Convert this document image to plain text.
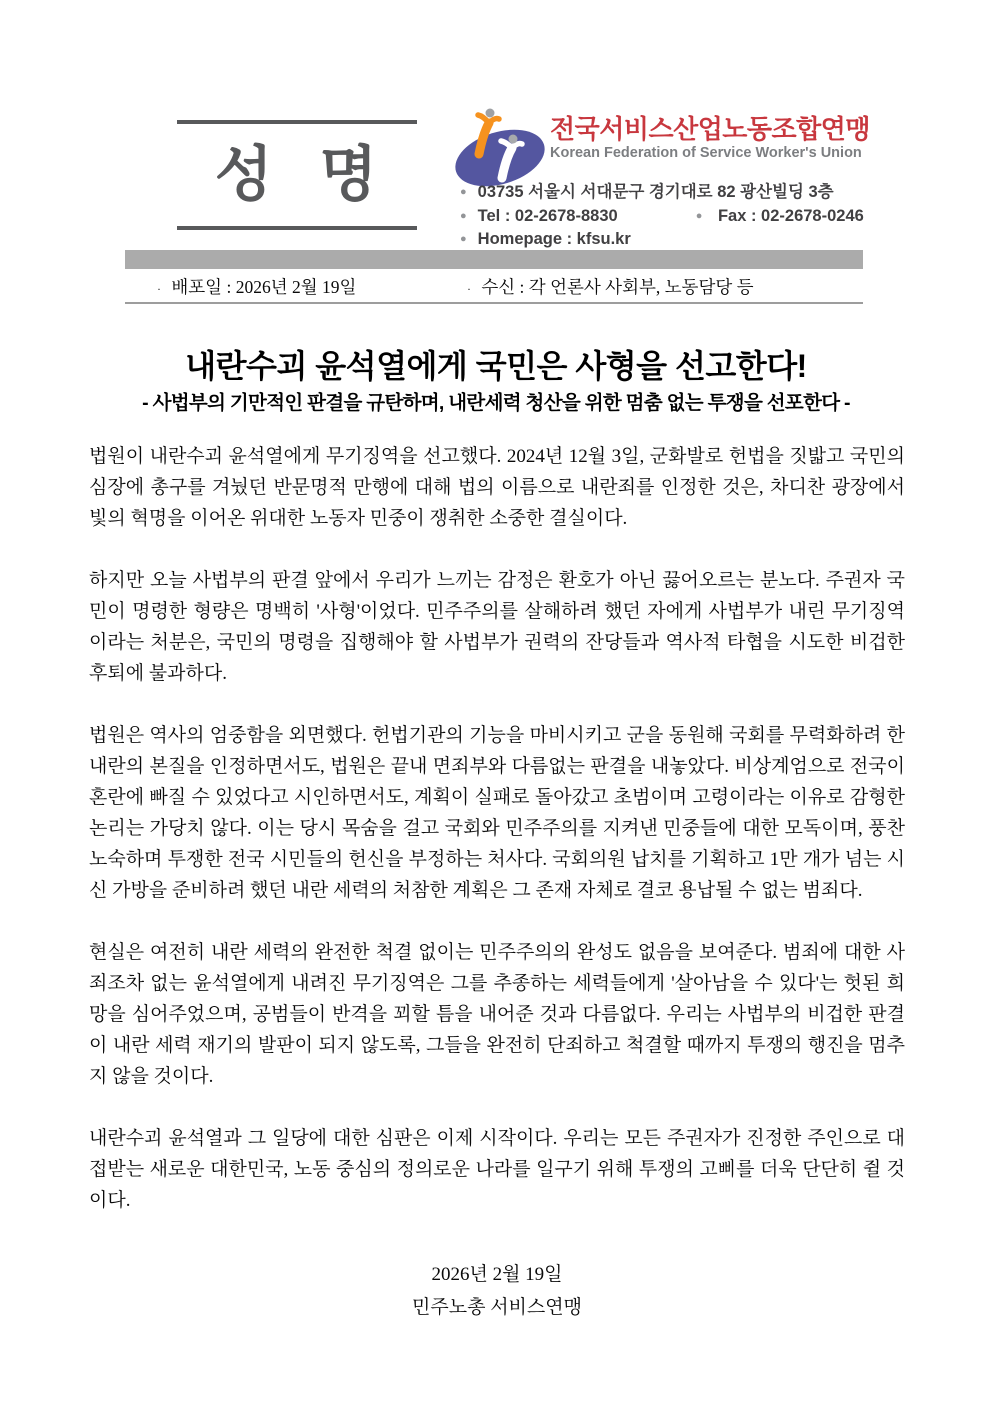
성 명
전국서비스산업노동조합연맹
Korean Federation of Service Worker's Union
● 03735 서울시 서대문구 경기대로 82 광산빌딩 3층
● Tel : 02-2678-8830	● Fax : 02-2678-0246
● Homepage : kfsu.kr
· 배포일 : 2026년 2월 19일	· 수신 : 각 언론사 사회부, 노동담당 등
내란수괴 윤석열에게 국민은 사형을 선고한다!
- 사법부의 기만적인 판결을 규탄하며, 내란세력 청산을 위한 멈춤 없는 투쟁을 선포한다 -

법원이 내란수괴 윤석열에게 무기징역을 선고했다. 2024년 12월 3일, 군화발로 헌법을 짓밟고 국민의 심장에 총구를 겨눴던 반문명적 만행에 대해 법의 이름으로 내란죄를 인정한 것은, 차디찬 광장에서 빛의 혁명을 이어온 위대한 노동자 민중이 쟁취한 소중한 결실이다.

하지만 오늘 사법부의 판결 앞에서 우리가 느끼는 감정은 환호가 아닌 끓어오르는 분노다. 주권자 국민이 명령한 형량은 명백히 '사형'이었다. 민주주의를 살해하려 했던 자에게 사법부가 내린 무기징역이라는 처분은, 국민의 명령을 집행해야 할 사법부가 권력의 잔당들과 역사적 타협을 시도한 비겁한 후퇴에 불과하다.

법원은 역사의 엄중함을 외면했다. 헌법기관의 기능을 마비시키고 군을 동원해 국회를 무력화하려 한 내란의 본질을 인정하면서도, 법원은 끝내 면죄부와 다름없는 판결을 내놓았다. 비상계엄으로 전국이 혼란에 빠질 수 있었다고 시인하면서도, 계획이 실패로 돌아갔고 초범이며 고령이라는 이유로 감형한 논리는 가당치 않다. 이는 당시 목숨을 걸고 국회와 민주주의를 지켜낸 민중들에 대한 모독이며, 풍찬노숙하며 투쟁한 전국 시민들의 헌신을 부정하는 처사다. 국회의원 납치를 기획하고 1만 개가 넘는 시신 가방을 준비하려 했던 내란 세력의 처참한 계획은 그 존재 자체로 결코 용납될 수 없는 범죄다.

현실은 여전히 내란 세력의 완전한 척결 없이는 민주주의의 완성도 없음을 보여준다. 범죄에 대한 사죄조차 없는 윤석열에게 내려진 무기징역은 그를 추종하는 세력들에게 '살아남을 수 있다'는 헛된 희망을 심어주었으며, 공범들이 반격을 꾀할 틈을 내어준 것과 다름없다. 우리는 사법부의 비겁한 판결이 내란 세력 재기의 발판이 되지 않도록, 그들을 완전히 단죄하고 척결할 때까지 투쟁의 행진을 멈추지 않을 것이다.

내란수괴 윤석열과 그 일당에 대한 심판은 이제 시작이다. 우리는 모든 주권자가 진정한 주인으로 대접받는 새로운 대한민국, 노동 중심의 정의로운 나라를 일구기 위해 투쟁의 고삐를 더욱 단단히 쥘 것이다.

2026년 2월 19일
민주노총 서비스연맹
